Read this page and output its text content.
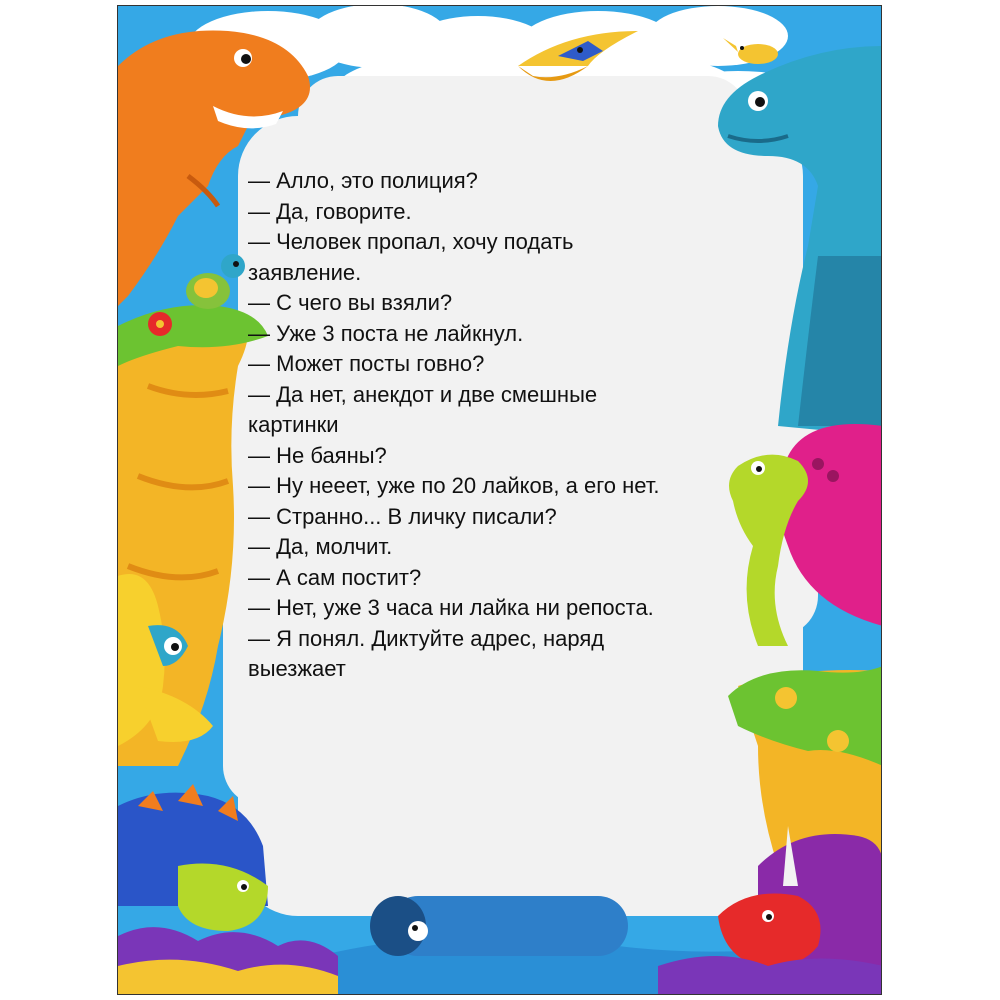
— Алло, это полиция?
— Да, говорите.
— Человек пропал, хочу подать
заявление.
— С чего вы взяли?
— Уже 3 поста не лайкнул.
— Может посты говно?
— Да нет, анекдот и две смешные
картинки
— Не баяны?
— Ну нееет, уже по 20 лайков, а его нет.
— Странно... В личку писали?
— Да, молчит.
— А сам постит?
— Нет, уже 3 часа ни лайка ни репоста.
— Я понял. Диктуйте адрес, наряд
выезжает
